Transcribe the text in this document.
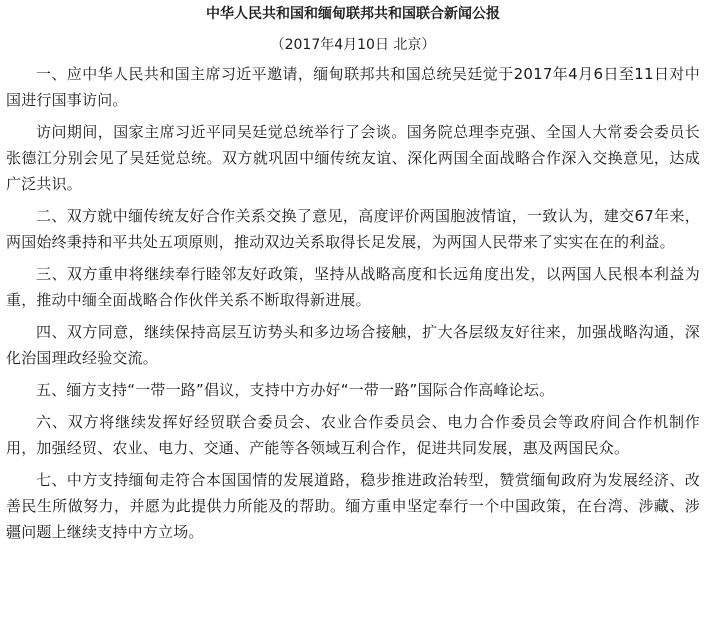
中华人民共和国和缅甸联邦共和国联合新闻公报
（2017年4月10日 北京）

一、应中华人民共和国主席习近平邀请，缅甸联邦共和国总统吴廷觉于2017年4月6日至11日对中国进行国事访问。

访问期间，国家主席习近平同吴廷觉总统举行了会谈。国务院总理李克强、全国人大常委会委员长张德江分别会见了吴廷觉总统。双方就巩固中缅传统友谊、深化两国全面战略合作深入交换意见，达成广泛共识。

二、双方就中缅传统友好合作关系交换了意见，高度评价两国胞波情谊，一致认为，建交67年来，两国始终秉持和平共处五项原则，推动双边关系取得长足发展，为两国人民带来了实实在在的利益。

三、双方重申将继续奉行睦邻友好政策，坚持从战略高度和长远角度出发，以两国人民根本利益为重，推动中缅全面战略合作伙伴关系不断取得新进展。

四、双方同意，继续保持高层互访势头和多边场合接触，扩大各层级友好往来，加强战略沟通，深化治国理政经验交流。

五、缅方支持“一带一路”倡议，支持中方办好“一带一路”国际合作高峰论坛。

六、双方将继续发挥好经贸联合委员会、农业合作委员会、电力合作委员会等政府间合作机制作用，加强经贸、农业、电力、交通、产能等各领域互利合作，促进共同发展，惠及两国民众。

七、中方支持缅甸走符合本国国情的发展道路，稳步推进政治转型，赞赏缅甸政府为发展经济、改善民生所做努力，并愿为此提供力所能及的帮助。缅方重申坚定奉行一个中国政策，在台湾、涉藏、涉疆问题上继续支持中方立场。
